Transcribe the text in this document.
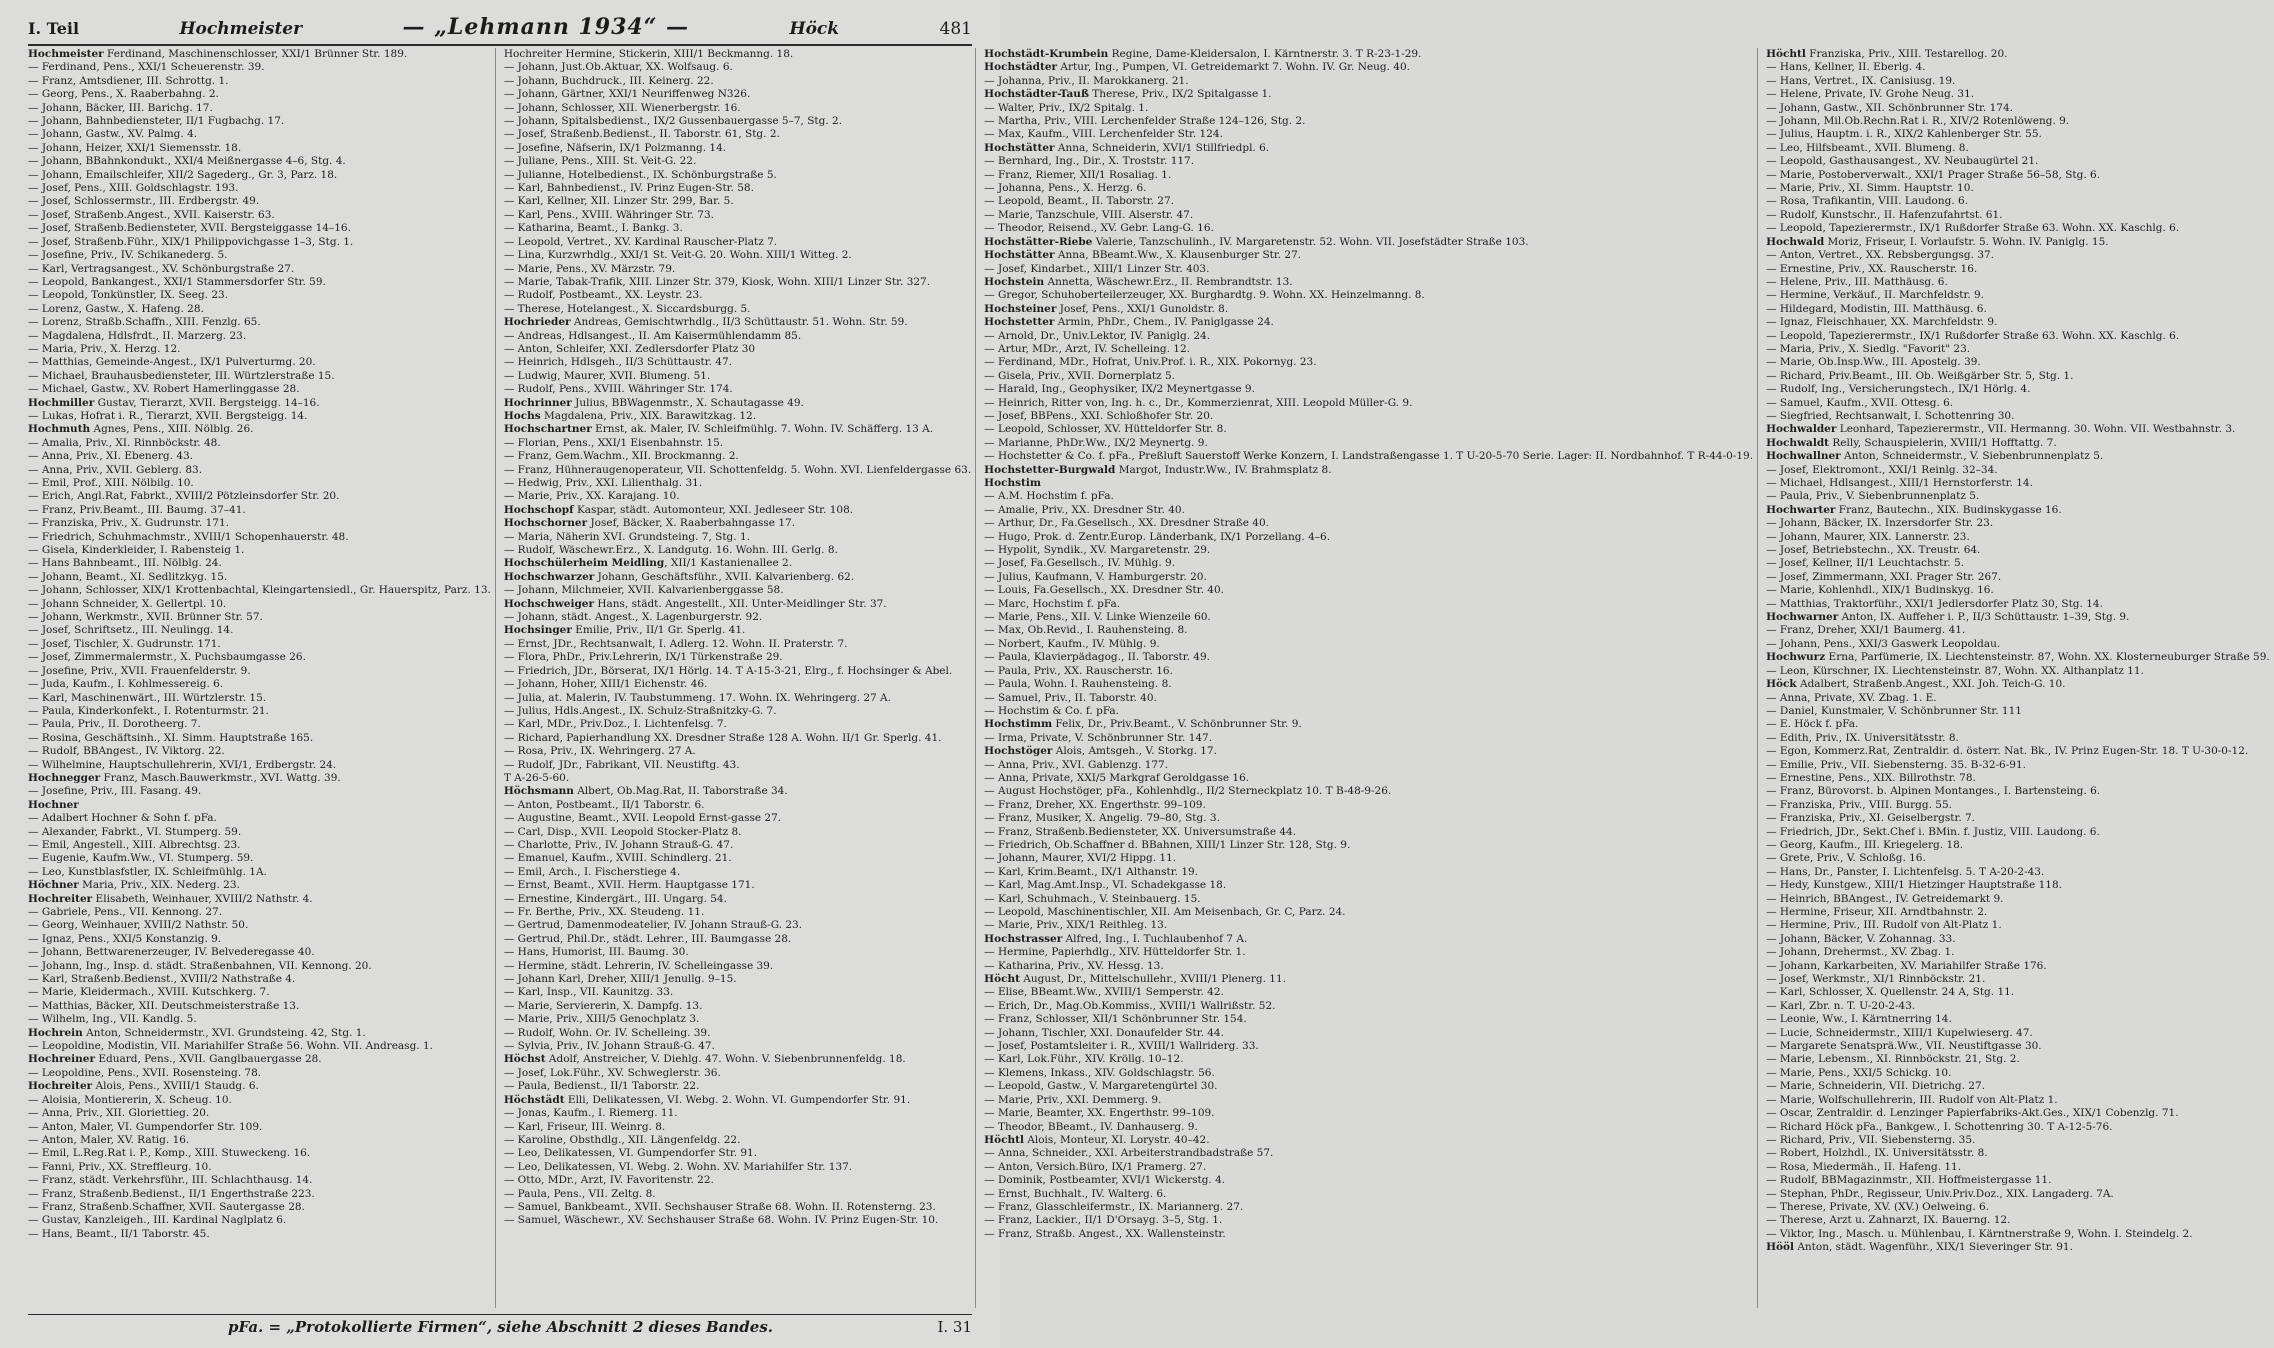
I. Teil	Hochmeister	— „Lehmann 1934“ —	Höck	481

Hochmeister Ferdinand, Maschinenschlosser, XXI/1 Brünner Str. 189.

— Ferdinand, Pens., XXI/1 Scheuerenstr. 39.

— Franz, Amtsdiener, III. Schrottg. 1.

— Georg, Pens., X. Raaberbahng. 2.

— Johann, Bäcker, III. Barichg. 17.

— Johann, Bahnbediensteter, II/1 Fugbachg. 17.

— Johann, Gastw., XV. Palmg. 4.

— Johann, Heizer, XXI/1 Siemensstr. 18.

— Johann, BBahnkondukt., XXI/4 Meißnergasse 4–6, Stg. 4.

— Johann, Emailschleifer, XII/2 Sagederg., Gr. 3, Parz. 18.

— Josef, Pens., XIII. Goldschlagstr. 193.

— Josef, Schlossermstr., III. Erdbergstr. 49.

— Josef, Straßenb.Angest., XVII. Kaiserstr. 63.

— Josef, Straßenb.Bediensteter, XVII. Bergsteiggasse 14–16.

— Josef, Straßenb.Führ., XIX/1 Philippovichgasse 1–3, Stg. 1.

— Josefine, Priv., IV. Schikanederg. 5.

— Karl, Vertragsangest., XV. Schönburgstraße 27.

— Leopold, Bankangest., XXI/1 Stammersdorfer Str. 59.

— Leopold, Tonkünstler, IX. Seeg. 23.

— Lorenz, Gastw., X. Hafeng. 28.

— Lorenz, Straßb.Schaffn., XIII. Fenzlg. 65.

— Magdalena, Hdlsfrdt., II. Marzerg. 23.

— Maria, Priv., X. Herzg. 12.

— Matthias, Gemeinde-Angest., IX/1 Pulverturmg. 20.

— Michael, Brauhausbediensteter, III. Würtzlerstraße 15.

— Michael, Gastw., XV. Robert Hamerlinggasse 28.

Hochmiller Gustav, Tierarzt, XVII. Bergsteigg. 14–16.

— Lukas, Hofrat i. R., Tierarzt, XVII. Bergsteigg. 14.

Hochmuth Agnes, Pens., XIII. Nölblg. 26.

— Amalia, Priv., XI. Rinnböckstr. 48.

— Anna, Priv., XI. Ebenerg. 43.

— Anna, Priv., XVII. Geblerg. 83.

— Emil, Prof., XIII. Nölbilg. 10.

— Erich, Angl.Rat, Fabrkt., XVIII/2 Pötzleinsdorfer Str. 20.

— Franz, Priv.Beamt., III. Baumg. 37–41.

— Franziska, Priv., X. Gudrunstr. 171.

— Friedrich, Schuhmachmstr., XVIII/1 Schopenhauerstr. 48.

— Gisela, Kinderkleider, I. Rabensteig 1.

— Hans Bahnbeamt., III. Nölblg. 24.

— Johann, Beamt., XI. Sedlitzkyg. 15.

— Johann, Schlosser, XIX/1 Krottenbachtal, Kleingartensiedl., Gr. Hauerspitz, Parz. 13.

— Johann Schneider, X. Gellertpl. 10.

— Johann, Werkmstr., XVII. Brünner Str. 57.

— Josef, Schriftsetz., III. Neulingg. 14.

— Josef, Tischler, X. Gudrunstr. 171.

— Josef, Zimmermalermstr., X. Puchsbaumgasse 26.

— Josefine, Priv., XVII. Frauenfelderstr. 9.

— Juda, Kaufm., I. Kohlmessereig. 6.

— Karl, Maschinenwärt., III. Würtzlerstr. 15.

— Paula, Kinderkonfekt., I. Rotenturmstr. 21.

— Paula, Priv., II. Dorotheerg. 7.

— Rosina, Geschäftsinh., XI. Simm. Hauptstraße 165.

— Rudolf, BBAngest., IV. Viktorg. 22.

— Wilhelmine, Hauptschullehrerin, XVI/1, Erdbergstr. 24.

Hochnegger Franz, Masch.Bauwerkmstr., XVI. Wattg. 39.

— Josefine, Priv., III. Fasang. 49.

Hochner

— Adalbert Hochner & Sohn f. pFa.

— Alexander, Fabrkt., VI. Stumperg. 59.

— Emil, Angestell., XIII. Albrechtsg. 23.

— Eugenie, Kaufm.Ww., VI. Stumperg. 59.

— Leo, Kunstblasfstler, IX. Schleifmühlg. 1A.

Höchner Maria, Priv., XIX. Nederg. 23.

Hochreiter Elisabeth, Weinhauer, XVIII/2 Nathstr. 4.

— Gabriele, Pens., VII. Kennong. 27.

— Georg, Weinhauer, XVIII/2 Nathstr. 50.

— Ignaz, Pens., XXI/5 Konstanzig. 9.

— Johann, Bettwarenerzeuger, IV. Belvederegasse 40.

— Johann, Ing., Insp. d. städt. Straßenbahnen, VII. Kennong. 20.

— Karl, Straßenb.Bedienst., XVIII/2 Nathstraße 4.

— Marie, Kleidermach., XVIII. Kutschkerg. 7.

— Matthias, Bäcker, XII. Deutschmeisterstraße 13.

— Wilhelm, Ing., VII. Kandlg. 5.

Hochrein Anton, Schneidermstr., XVI. Grundsteing. 42, Stg. 1.

— Leopoldine, Modistin, VII. Mariahilfer Straße 56. Wohn. VII. Andreasg. 1.

Hochreiner Eduard, Pens., XVII. Ganglbauergasse 28.

— Leopoldine, Pens., XVII. Rosensteing. 78.

Hochreiter Alois, Pens., XVIII/1 Staudg. 6.

— Aloisia, Montiererin, X. Scheug. 10.

— Anna, Priv., XII. Gloriettieg. 20.

— Anton, Maler, VI. Gumpendorfer Str. 109.

— Anton, Maler, XV. Ratig. 16.

— Emil, L.Reg.Rat i. P., Komp., XIII. Stuweckeng. 16.

— Fanni, Priv., XX. Streffleurg. 10.

— Franz, städt. Verkehrsführ., III. Schlachthausg. 14.

— Franz, Straßenb.Bedienst., II/1 Engerthstraße 223.

— Franz, Straßenb.Schaffner, XVII. Sautergasse 28.

— Gustav, Kanzleigeh., III. Kardinal Naglplatz 6.

— Hans, Beamt., II/1 Taborstr. 45.

Hochreiter Hermine, Stickerin, XIII/1 Beckmanng. 18.

— Johann, Just.Ob.Aktuar, XX. Wolfsaug. 6.

— Johann, Buchdruck., III. Keinerg. 22.

— Johann, Gärtner, XXI/1 Neuriffenweg N326.

— Johann, Schlosser, XII. Wienerbergstr. 16.

— Johann, Spitalsbedienst., IX/2 Gussenbauergasse 5–7, Stg. 2.

— Josef, Straßenb.Bedienst., II. Taborstr. 61, Stg. 2.

— Josefine, Näfserin, IX/1 Polzmanng. 14.

— Juliane, Pens., XIII. St. Veit-G. 22.

— Julianne, Hotelbedienst., IX. Schönburgstraße 5.

— Karl, Bahnbedienst., IV. Prinz Eugen-Str. 58.

— Karl, Kellner, XII. Linzer Str. 299, Bar. 5.

— Karl, Pens., XVIII. Währinger Str. 73.

— Katharina, Beamt., I. Bankg. 3.

— Leopold, Vertret., XV. Kardinal Rauscher-Platz 7.

— Lina, Kurzwrhdlg., XXI/1 St. Veit-G. 20. Wohn. XIII/1 Witteg. 2.

— Marie, Pens., XV. Märzstr. 79.

— Marie, Tabak-Trafik, XIII. Linzer Str. 379, Kiosk, Wohn. XIII/1 Linzer Str. 327.

— Rudolf, Postbeamt., XX. Leystr. 23.

— Therese, Hotelangest., X. Siccardsburgg. 5.

Hochrieder Andreas, Gemischtwrhdlg., II/3 Schüttaustr. 51. Wohn. Str. 59.

— Andreas, Hdlsangest., II. Am Kaisermühlendamm 85.

— Anton, Schleifer, XXI. Zedlersdorfer Platz 30

— Heinrich, Hdlsgeh., II/3 Schüttaustr. 47.

— Ludwig, Maurer, XVII. Blumeng. 51.

— Rudolf, Pens., XVIII. Währinger Str. 174.

Hochrinner Julius, BBWagenmstr., X. Schautagasse 49.

Hochs Magdalena, Priv., XIX. Barawitzkag. 12.

Hochschartner Ernst, ak. Maler, IV. Schleifmühlg. 7. Wohn. IV. Schäfferg. 13 A.

— Florian, Pens., XXI/1 Eisenbahnstr. 15.

— Franz, Gem.Wachm., XII. Brockmanng. 2.

— Franz, Hühneraugenoperateur, VII. Schottenfeldg. 5. Wohn. XVI. Lienfeldergasse 63.

— Hedwig, Priv., XXI. Lilienthalg. 31.

— Marie, Priv., XX. Karajang. 10.

Hochschopf Kaspar, städt. Automonteur, XXI. Jedleseer Str. 108.

Hochschorner Josef, Bäcker, X. Raaberbahngasse 17.

— Maria, Näherin XVI. Grundsteing. 7, Stg. 1.

— Rudolf, Wäschewr.Erz., X. Landgutg. 16. Wohn. III. Gerlg. 8.

Hochschülerheim Meidling, XII/1 Kastanienallee 2.

Hochschwarzer Johann, Geschäftsführ., XVII. Kalvarienberg. 62.

— Johann, Milchmeier, XVII. Kalvarienberggasse 58.

Hochschweiger Hans, städt. Angestellt., XII. Unter-Meidlinger Str. 37.

— Johann, städt. Angest., X. Lagenburgerstr. 92.

Hochsinger Emilie, Priv., II/1 Gr. Sperlg. 41.

— Ernst, JDr., Rechtsanwalt, I. Adlerg. 12. Wohn. II. Praterstr. 7.

— Flora, PhDr., Priv.Lehrerin, IX/1 Türkenstraße 29.

— Friedrich, JDr., Börserat, IX/1 Hörlg. 14. T A-15-3-21, Elrg., f. Hochsinger & Abel.

— Johann, Hoher, XIII/1 Eichenstr. 46.

— Julia, at. Malerin, IV. Taubstummeng. 17. Wohn. IX. Wehringerg. 27 A.

— Julius, Hdls.Angest., IX. Schulz-Straßnitzky-G. 7.

— Karl, MDr., Priv.Doz., I. Lichtenfelsg. 7.

— Richard, Papierhandlung XX. Dresdner Straße 128 A. Wohn. II/1 Gr. Sperlg. 41.

— Rosa, Priv., IX. Wehringerg. 27 A.

— Rudolf, JDr., Fabrikant, VII. Neustiftg. 43.

T A-26-5-60.

Höchsmann Albert, Ob.Mag.Rat, II. Taborstraße 34.

— Anton, Postbeamt., II/1 Taborstr. 6.

— Augustine, Beamt., XVII. Leopold Ernst-gasse 27.

— Carl, Disp., XVII. Leopold Stocker-Platz 8.

— Charlotte, Priv., IV. Johann Strauß-G. 47.

— Emanuel, Kaufm., XVIII. Schindlerg. 21.

— Emil, Arch., I. Fischerstiege 4.

— Ernst, Beamt., XVII. Herm. Hauptgasse 171.

— Ernestine, Kindergärt., III. Ungarg. 54.

— Fr. Berthe, Priv., XX. Steudeng. 11.

— Gertrud, Damenmodeatelier, IV. Johann Strauß-G. 23.

— Gertrud, Phil.Dr., städt. Lehrer., III. Baumgasse 28.

— Hans, Humorist, III. Baumg. 30.

— Hermine, städt. Lehrerin, IV. Schelleingasse 39.

— Johann Karl, Dreher, XIII/1 Jenullg. 9–15.

— Karl, Insp., VII. Kaunitzg. 33.

— Marie, Serviererin, X. Dampfg. 13.

— Marie, Priv., XIII/5 Genochplatz 3.

— Rudolf, Wohn. Or. IV. Schelleing. 39.

— Sylvia, Priv., IV. Johann Strauß-G. 47.

Höchst Adolf, Anstreicher, V. Diehlg. 47. Wohn. V. Siebenbrunnenfeldg. 18.

— Josef, Lok.Führ., XV. Schweglerstr. 36.

— Paula, Bedienst., II/1 Taborstr. 22.

Höchstädt Elli, Delikatessen, VI. Webg. 2. Wohn. VI. Gumpendorfer Str. 91.

— Jonas, Kaufm., I. Riemerg. 11.

— Karl, Friseur, III. Weinrg. 8.

— Karoline, Obsthdlg., XII. Längenfeldg. 22.

— Leo, Delikatessen, VI. Gumpendorfer Str. 91.

— Leo, Delikatessen, VI. Webg. 2. Wohn. XV. Mariahilfer Str. 137.

— Otto, MDr., Arzt, IV. Favoritenstr. 22.

— Paula, Pens., VII. Zeltg. 8.

— Samuel, Bankbeamt., XVII. Sechshauser Straße 68. Wohn. II. Rotensterng. 23.

— Samuel, Wäschewr., XV. Sechshauser Straße 68. Wohn. IV. Prinz Eugen-Str. 10.

Hochstädt-Krumbein Regine, Dame-Kleidersalon, I. Kärntnerstr. 3. T R-23-1-29.

Hochstädter Artur, Ing., Pumpen, VI. Getreidemarkt 7. Wohn. IV. Gr. Neug. 40.

— Johanna, Priv., II. Marokkanerg. 21.

Hochstädter-Tauß Therese, Priv., IX/2 Spitalgasse 1.

— Walter, Priv., IX/2 Spitalg. 1.

— Martha, Priv., VIII. Lerchenfelder Straße 124–126, Stg. 2.

— Max, Kaufm., VIII. Lerchenfelder Str. 124.

Hochstätter Anna, Schneiderin, XVI/1 Stillfriedpl. 6.

— Bernhard, Ing., Dir., X. Troststr. 117.

— Franz, Riemer, XII/1 Rosaliag. 1.

— Johanna, Pens., X. Herzg. 6.

— Leopold, Beamt., II. Taborstr. 27.

— Marie, Tanzschule, VIII. Alserstr. 47.

— Theodor, Reisend., XV. Gebr. Lang-G. 16.

Hochstätter-Riebe Valerie, Tanzschulinh., IV. Margaretenstr. 52. Wohn. VII. Josefstädter Straße 103.

Hochstätter Anna, BBeamt.Ww., X. Klausenburger Str. 27.

— Josef, Kindarbet., XIII/1 Linzer Str. 403.

Hochstein Annetta, Wäschewr.Erz., II. Rembrandtstr. 13.

— Gregor, Schuhoberteilerzeuger, XX. Burghardtg. 9. Wohn. XX. Heinzelmanng. 8.

Hochsteiner Josef, Pens., XXI/1 Gunoldstr. 8.

Hochstetter Armin, PhDr., Chem., IV. Paniglgasse 24.

— Arnold, Dr., Univ.Lektor, IV. Paniglg. 24.

— Artur, MDr., Arzt, IV. Schelleing. 12.

— Ferdinand, MDr., Hofrat, Univ.Prof. i. R., XIX. Pokornyg. 23.

— Gisela, Priv., XVII. Dornerplatz 5.

— Harald, Ing., Geophysiker, IX/2 Meynertgasse 9.

— Heinrich, Ritter von, Ing. h. c., Dr., Kommerzienrat, XIII. Leopold Müller-G. 9.

— Josef, BBPens., XXI. Schloßhofer Str. 20.

— Leopold, Schlosser, XV. Hütteldorfer Str. 8.

— Marianne, PhDr.Ww., IX/2 Meynertg. 9.

— Hochstetter & Co. f. pFa., Preßluft Sauerstoff Werke Konzern, I. Landstraßengasse 1. T U-20-5-70 Serie. Lager: II. Nordbahnhof. T R-44-0-19.

Hochstetter-Burgwald Margot, Industr.Ww., IV. Brahmsplatz 8.

Hochstim

— A.M. Hochstim f. pFa.

— Amalie, Priv., XX. Dresdner Str. 40.

— Arthur, Dr., Fa.Gesellsch., XX. Dresdner Straße 40.

— Hugo, Prok. d. Zentr.Europ. Länderbank, IX/1 Porzellang. 4–6.

— Hypolit, Syndik., XV. Margaretenstr. 29.

— Josef, Fa.Gesellsch., IV. Mühlg. 9.

— Julius, Kaufmann, V. Hamburgerstr. 20.

— Louis, Fa.Gesellsch., XX. Dresdner Str. 40.

— Marc, Hochstim f. pFa.

— Marie, Pens., XII. V. Linke Wienzeile 60.

— Max, Ob.Revid., I. Rauhensteing. 8.

— Norbert, Kaufm., IV. Mühlg. 9.

— Paula, Klavierpädagog., II. Taborstr. 49.

— Paula, Priv., XX. Rauscherstr. 16.

— Paula, Wohn. I. Rauhensteing. 8.

— Samuel, Priv., II. Taborstr. 40.

— Hochstim & Co. f. pFa.

Hochstimm Felix, Dr., Priv.Beamt., V. Schönbrunner Str. 9.

— Irma, Private, V. Schönbrunner Str. 147.

Hochstöger Alois, Amtsgeh., V. Storkg. 17.

— Anna, Priv., XVI. Gablenzg. 177.

— Anna, Private, XXI/5 Markgraf Geroldgasse 16.

— August Hochstöger, pFa., Kohlenhdlg., II/2 Sterneckplatz 10. T B-48-9-26.

— Franz, Dreher, XX. Engerthstr. 99–109.

— Franz, Musiker, X. Angelig. 79–80, Stg. 3.

— Franz, Straßenb.Bediensteter, XX. Universumstraße 44.

— Friedrich, Ob.Schaffner d. BBahnen, XIII/1 Linzer Str. 128, Stg. 9.

— Johann, Maurer, XVI/2 Hippg. 11.

— Karl, Krim.Beamt., IX/1 Althanstr. 19.

— Karl, Mag.Amt.Insp., VI. Schadekgasse 18.

— Karl, Schuhmach., V. Steinbauerg. 15.

— Leopold, Maschinentischler, XII. Am Meisenbach, Gr. C, Parz. 24.

— Marie, Priv., XIX/1 Reithleg. 13.

Hochstrasser Alfred, Ing., I. Tuchlaubenhof 7 A.

— Hermine, Papierhdlg., XIV. Hütteldorfer Str. 1.

— Katharina, Priv., XV. Hessg. 13.

Höcht August, Dr., Mittelschullehr., XVIII/1 Plenerg. 11.

— Elise, BBeamt.Ww., XVIII/1 Semperstr. 42.

— Erich, Dr., Mag.Ob.Kommiss., XVIII/1 Wallrißstr. 52.

— Franz, Schlosser, XII/1 Schönbrunner Str. 154.

— Johann, Tischler, XXI. Donaufelder Str. 44.

— Josef, Postamtsleiter i. R., XVIII/1 Wallriderg. 33.

— Karl, Lok.Führ., XIV. Kröllg. 10–12.

— Klemens, Inkass., XIV. Goldschlagstr. 56.

— Leopold, Gastw., V. Margaretengürtel 30.

— Marie, Priv., XXI. Demmerg. 9.

— Marie, Beamter, XX. Engerthstr. 99–109.

— Theodor, BBeamt., IV. Danhauserg. 9.

Höchtl Alois, Monteur, XI. Lorystr. 40–42.

— Anna, Schneider., XXI. Arbeiterstrandbadstraße 57.

— Anton, Versich.Büro, IX/1 Pramerg. 27.

— Dominik, Postbeamter, XVI/1 Wickerstg. 4.

— Ernst, Buchhalt., IV. Walterg. 6.

— Franz, Glasschleifermstr., IX. Mariannerg. 27.

— Franz, Lackier., II/1 D'Orsayg. 3–5, Stg. 1.

— Franz, Straßb. Angest., XX. Wallensteinstr.

Höchtl Franziska, Priv., XIII. Testarellog. 20.

— Hans, Kellner, II. Eberlg. 4.

— Hans, Vertret., IX. Canisiusg. 19.

— Helene, Private, IV. Grohe Neug. 31.

— Johann, Gastw., XII. Schönbrunner Str. 174.

— Johann, Mil.Ob.Rechn.Rat i. R., XIV/2 Rotenlöweng. 9.

— Julius, Hauptm. i. R., XIX/2 Kahlenberger Str. 55.

— Leo, Hilfsbeamt., XVII. Blumeng. 8.

— Leopold, Gasthausangest., XV. Neubaugürtel 21.

— Marie, Postoberverwalt., XXI/1 Prager Straße 56–58, Stg. 6.

— Marie, Priv., XI. Simm. Hauptstr. 10.

— Rosa, Trafikantin, VIII. Laudong. 6.

— Rudolf, Kunstschr., II. Hafenzufahrtst. 61.

— Leopold, Tapezierermstr., IX/1 Rußdorfer Straße 63. Wohn. XX. Kaschlg. 6.

Hochwald Moriz, Friseur, I. Vorlaufstr. 5. Wohn. IV. Paniglg. 15.

— Anton, Vertret., XX. Rebsbergungsg. 37.

— Ernestine, Priv., XX. Rauscherstr. 16.

— Helene, Priv., III. Matthäusg. 6.

— Hermine, Verkäuf., II. Marchfeldstr. 9.

— Hildegard, Modistin, III. Matthäusg. 6.

— Ignaz, Fleischhauer, XX. Marchfeldstr. 9.

— Leopold, Tapezierermstr., IX/1 Rußdorfer Straße 63. Wohn. XX. Kaschlg. 6.

— Maria, Priv., X. Siedlg. "Favorit" 23.

— Marie, Ob.Insp.Ww., III. Apostelg. 39.

— Richard, Priv.Beamt., III. Ob. Weißgärber Str. 5, Stg. 1.

— Rudolf, Ing., Versicherungstech., IX/1 Hörlg. 4.

— Samuel, Kaufm., XVII. Ottesg. 6.

— Siegfried, Rechtsanwalt, I. Schottenring 30.

Hochwalder Leonhard, Tapezierermstr., VII. Hermanng. 30. Wohn. VII. Westbahnstr. 3.

Hochwaldt Relly, Schauspielerin, XVIII/1 Hofftattg. 7.

Hochwallner Anton, Schneidermstr., V. Siebenbrunnenplatz 5.

— Josef, Elektromont., XXI/1 Reinlg. 32–34.

— Michael, Hdlsangest., XIII/1 Hernstorferstr. 14.

— Paula, Priv., V. Siebenbrunnenplatz 5.

Hochwarter Franz, Bautechn., XIX. Budinskygasse 16.

— Johann, Bäcker, IX. Inzersdorfer Str. 23.

— Johann, Maurer, XIX. Lannerstr. 23.

— Josef, Betriebstechn., XX. Treustr. 64.

— Josef, Kellner, II/1 Leuchtachstr. 5.

— Josef, Zimmermann, XXI. Prager Str. 267.

— Marie, Kohlenhdl., XIX/1 Budinskyg. 16.

— Matthias, Traktorführ., XXI/1 Jedlersdorfer Platz 30, Stg. 14.

Hochwarner Anton, IX. Auffeher i. P., II/3 Schüttaustr. 1–39, Stg. 9.

— Franz, Dreher, XXI/1 Baumerg. 41.

— Johann, Pens., XXI/3 Gaswerk Leopoldau.

Hochwurz Erna, Parfümerie, IX. Liechtensteinstr. 87, Wohn. XX. Klosterneuburger Straße 59.

— Leon, Kürschner, IX. Liechtensteinstr. 87, Wohn. XX. Althanplatz 11.

Höck Adalbert, Straßenb.Angest., XXI. Joh. Teich-G. 10.

— Anna, Private, XV. Zbag. 1. E.

— Daniel, Kunstmaler, V. Schönbrunner Str. 111

— E. Höck f. pFa.

— Edith, Priv., IX. Universitätsstr. 8.

— Egon, Kommerz.Rat, Zentraldir. d. österr. Nat. Bk., IV. Prinz Eugen-Str. 18. T U-30-0-12.

— Emilie, Priv., VII. Siebensterng. 35. B-32-6-91.

— Ernestine, Pens., XIX. Billrothstr. 78.

— Franz, Bürovorst. b. Alpinen Montanges., I. Bartensteing. 6.

— Franziska, Priv., VIII. Burgg. 55.

— Franziska, Priv., XI. Geiselbergstr. 7.

— Friedrich, JDr., Sekt.Chef i. BMin. f. Justiz, VIII. Laudong. 6.

— Georg, Kaufm., III. Kriegelerg. 18.

— Grete, Priv., V. Schloßg. 16.

— Hans, Dr., Panster, I. Lichtenfelsg. 5. T A-20-2-43.

— Hedy, Kunstgew., XIII/1 Hietzinger Hauptstraße 118.

— Heinrich, BBAngest., IV. Getreidemarkt 9.

— Hermine, Friseur, XII. Arndtbahnstr. 2.

— Hermine, Priv., III. Rudolf von Alt-Platz 1.

— Johann, Bäcker, V. Zohannag. 33.

— Johann, Drehermst., XV. Zbag. 1.

— Johann, Karkarbeiten, XV. Mariahilfer Straße 176.

— Josef, Werkmstr., XI/1 Rinnböckstr. 21.

— Karl, Schlosser, X. Quellenstr. 24 A, Stg. 11.

— Karl, Zbr. n. T. U-20-2-43.

— Leonie, Ww., I. Kärntnerring 14.

— Lucie, Schneidermstr., XIII/1 Kupelwieserg. 47.

— Margarete Senatsprä.Ww., VII. Neustiftgasse 30.

— Marie, Lebensm., XI. Rinnböckstr. 21, Stg. 2.

— Marie, Pens., XXI/5 Schickg. 10.

— Marie, Schneiderin, VII. Dietrichg. 27.

— Marie, Wolfschullehrerin, III. Rudolf von Alt-Platz 1.

— Oscar, Zentraldir. d. Lenzinger Papierfabriks-Akt.Ges., XIX/1 Cobenzlg. 71.

— Richard Höck pFa., Bankgew., I. Schottenring 30. T A-12-5-76.

— Richard, Priv., VII. Siebensterng. 35.

— Robert, Holzhdl., IX. Universitätsstr. 8.

— Rosa, Miedermäh., II. Hafeng. 11.

— Rudolf, BBMagazinmstr., XII. Hoffmeistergasse 11.

— Stephan, PhDr., Regisseur, Univ.Priv.Doz., XIX. Langaderg. 7A.

— Therese, Private, XV. (XV.) Oelweing. 6.

— Therese, Arzt u. Zahnarzt, IX. Bauerng. 12.

— Viktor, Ing., Masch. u. Mühlenbau, I. Kärntnerstraße 9, Wohn. I. Steindelg. 2.

Hööl Anton, städt. Wagenführ., XIX/1 Sieveringer Str. 91.

pFa. = „Protokollierte Firmen“, siehe Abschnitt 2 dieses Bandes.	I. 31
